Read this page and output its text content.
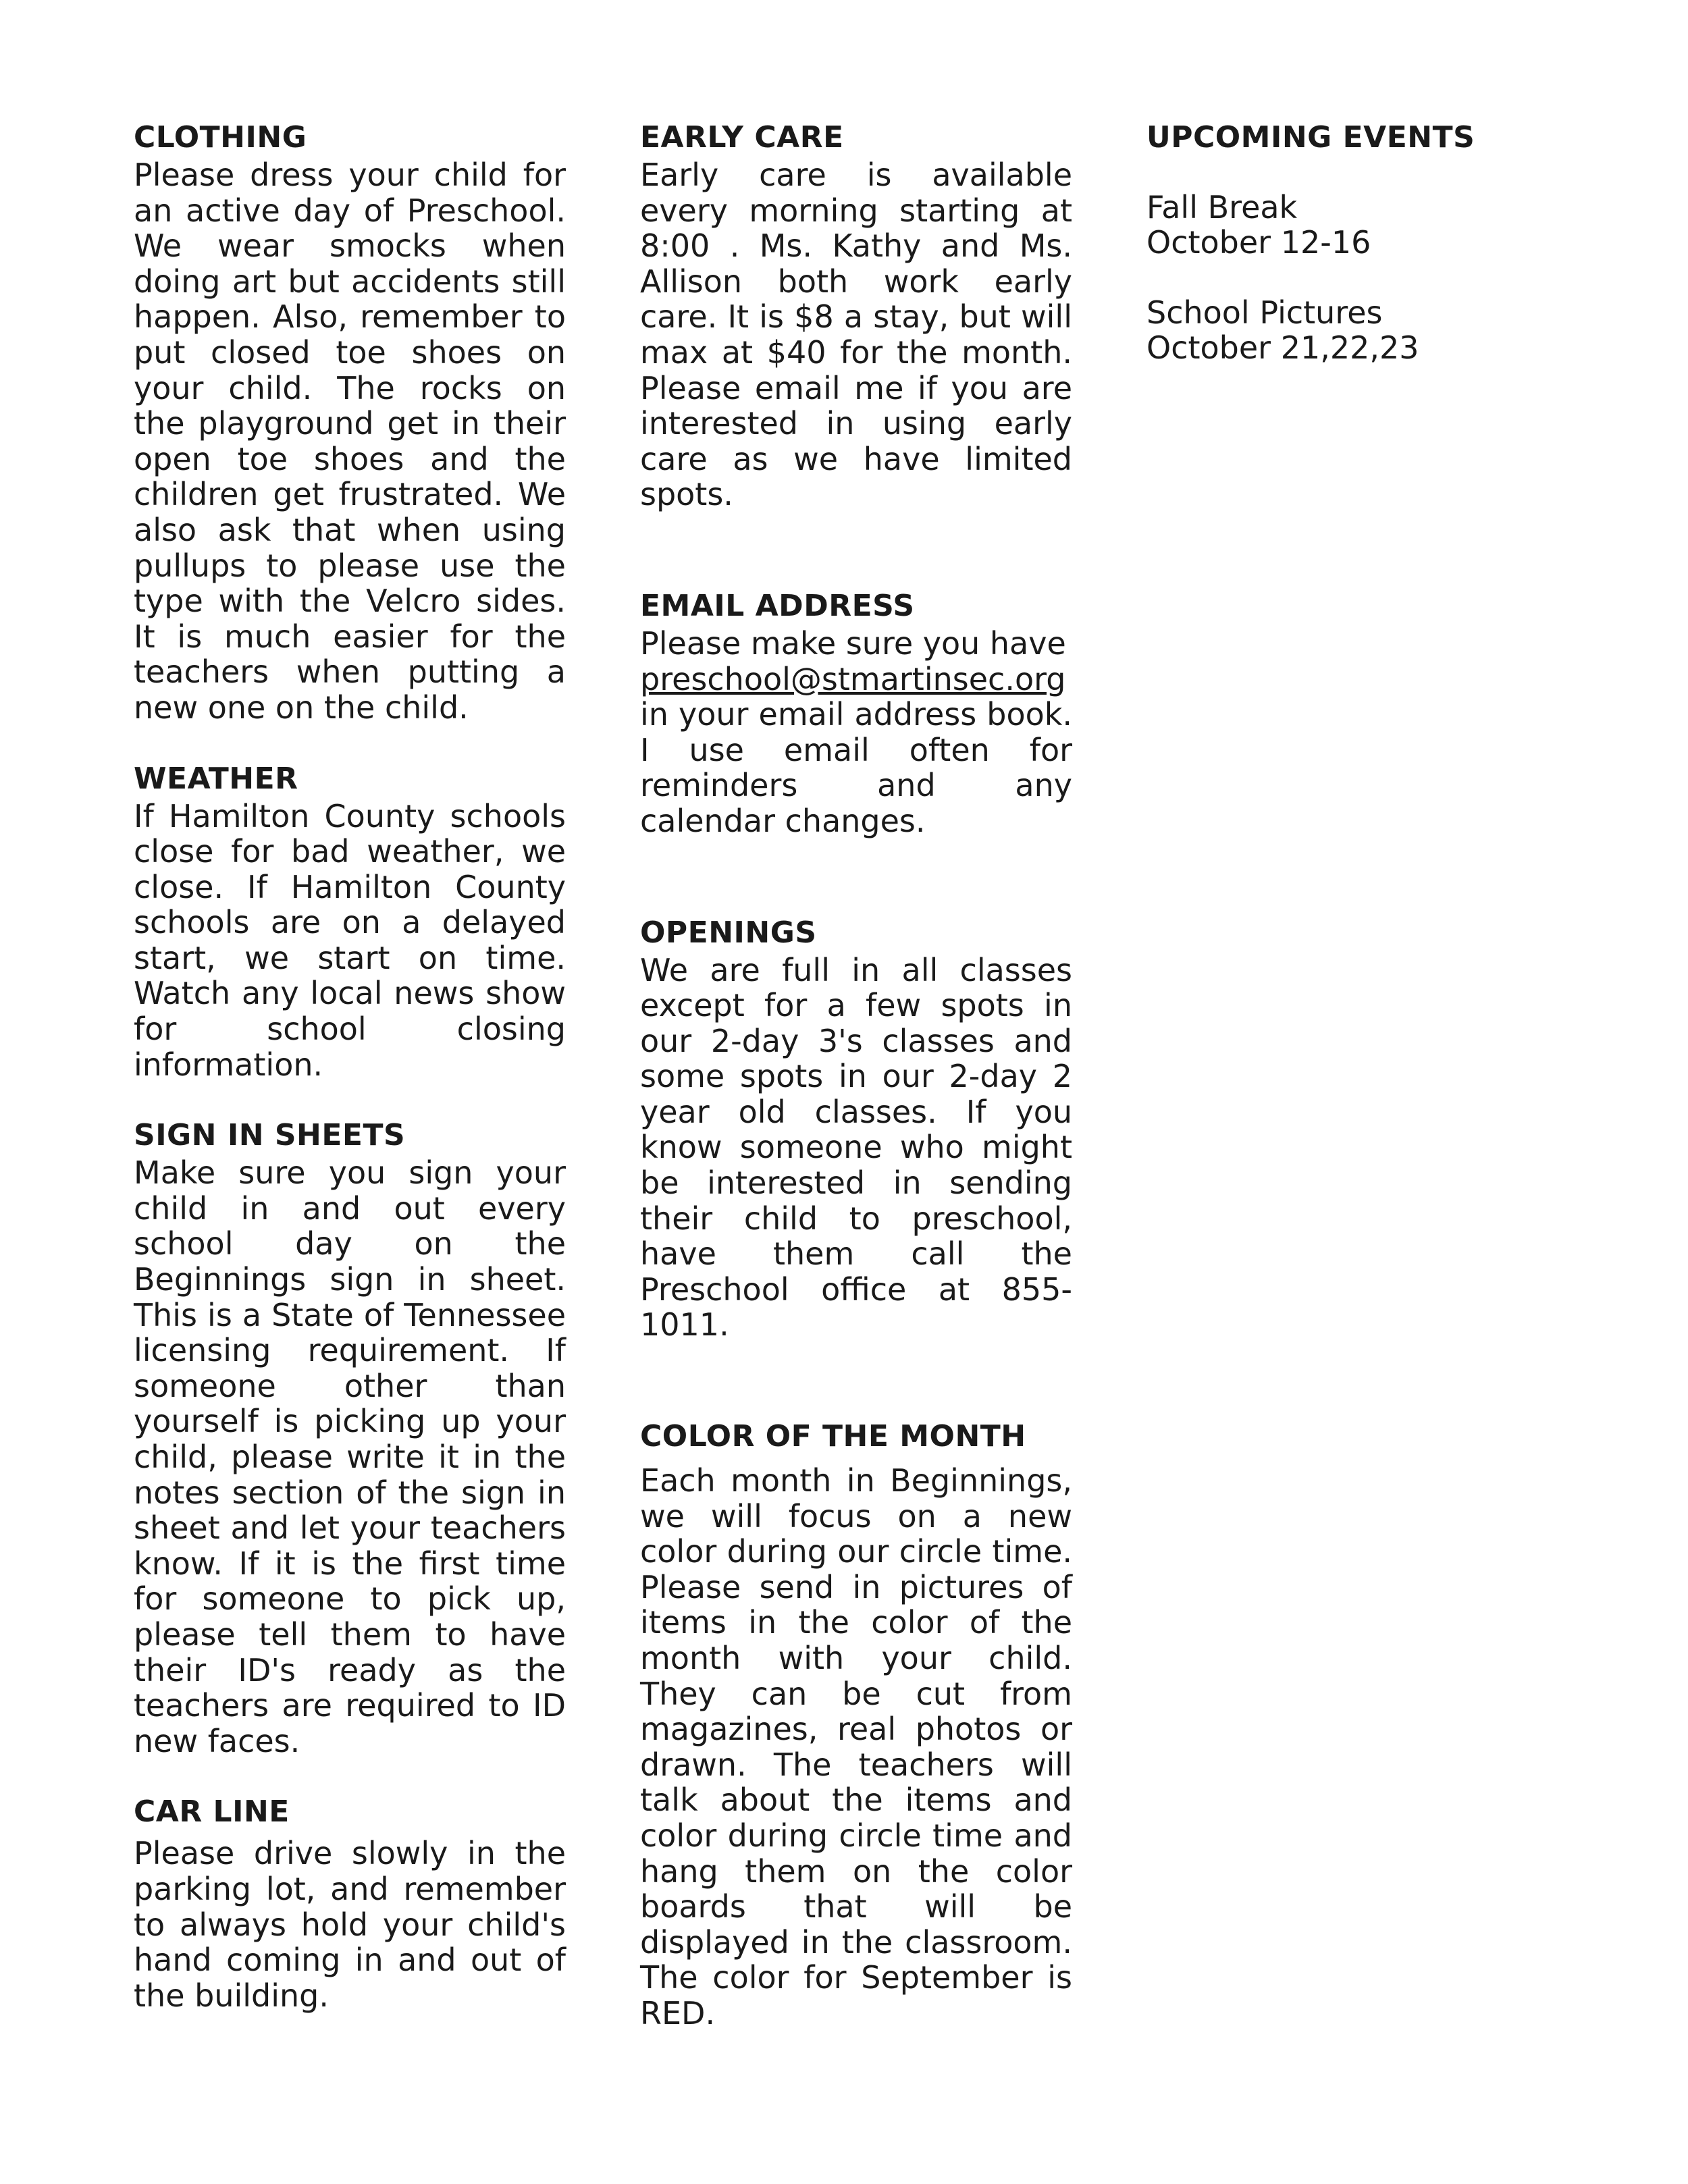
CLOTHING

Please dress your child for an active day of Preschool. We wear smocks when doing art but accidents still happen. Also, remember to put closed toe shoes on your child. The rocks on the playground get in their open toe shoes and the children get frustrated. We also ask that when using pullups to please use the type with the Velcro sides. It is much easier for the teachers when putting a new one on the child.

WEATHER

If Hamilton County schools close for bad weather, we close. If Hamilton County schools are on a delayed start, we start on time. Watch any local news show for school closing information.

SIGN IN SHEETS

Make sure you sign your child in and out every school day on the Beginnings sign in sheet. This is a State of Tennessee licensing requirement. If someone other than yourself is picking up your child, please write it in the notes section of the sign in sheet and let your teachers know. If it is the first time for someone to pick up, please tell them to have their ID's ready as the teachers are required to ID new faces.

CAR LINE

Please drive slowly in the parking lot, and remember to always hold your child's hand coming in and out of the building.

EARLY CARE

Early care is available every morning starting at 8:00 . Ms. Kathy and Ms. Allison both work early care. It is $8 a stay, but will max at $40 for the month. Please email me if you are interested in using early care as we have limited spots.

EMAIL ADDRESS

Please make sure you have
preschool@stmartinsec.org
in your email address book. I use email often for reminders and any calendar changes.

OPENINGS

We are full in all classes except for a few spots in our 2-day 3's classes and some spots in our 2-day 2 year old classes. If you know someone who might be interested in sending their child to preschool, have them call the Preschool office at 855-1011.

COLOR OF THE MONTH

Each month in Beginnings, we will focus on a new color during our circle time. Please send in pictures of items in the color of the month with your child. They can be cut from magazines, real photos or drawn. The teachers will talk about the items and color during circle time and hang them on the color boards that will be displayed in the classroom. The color for September is RED.

UPCOMING EVENTS

Fall Break

October 12-16

School Pictures

October 21,22,23
